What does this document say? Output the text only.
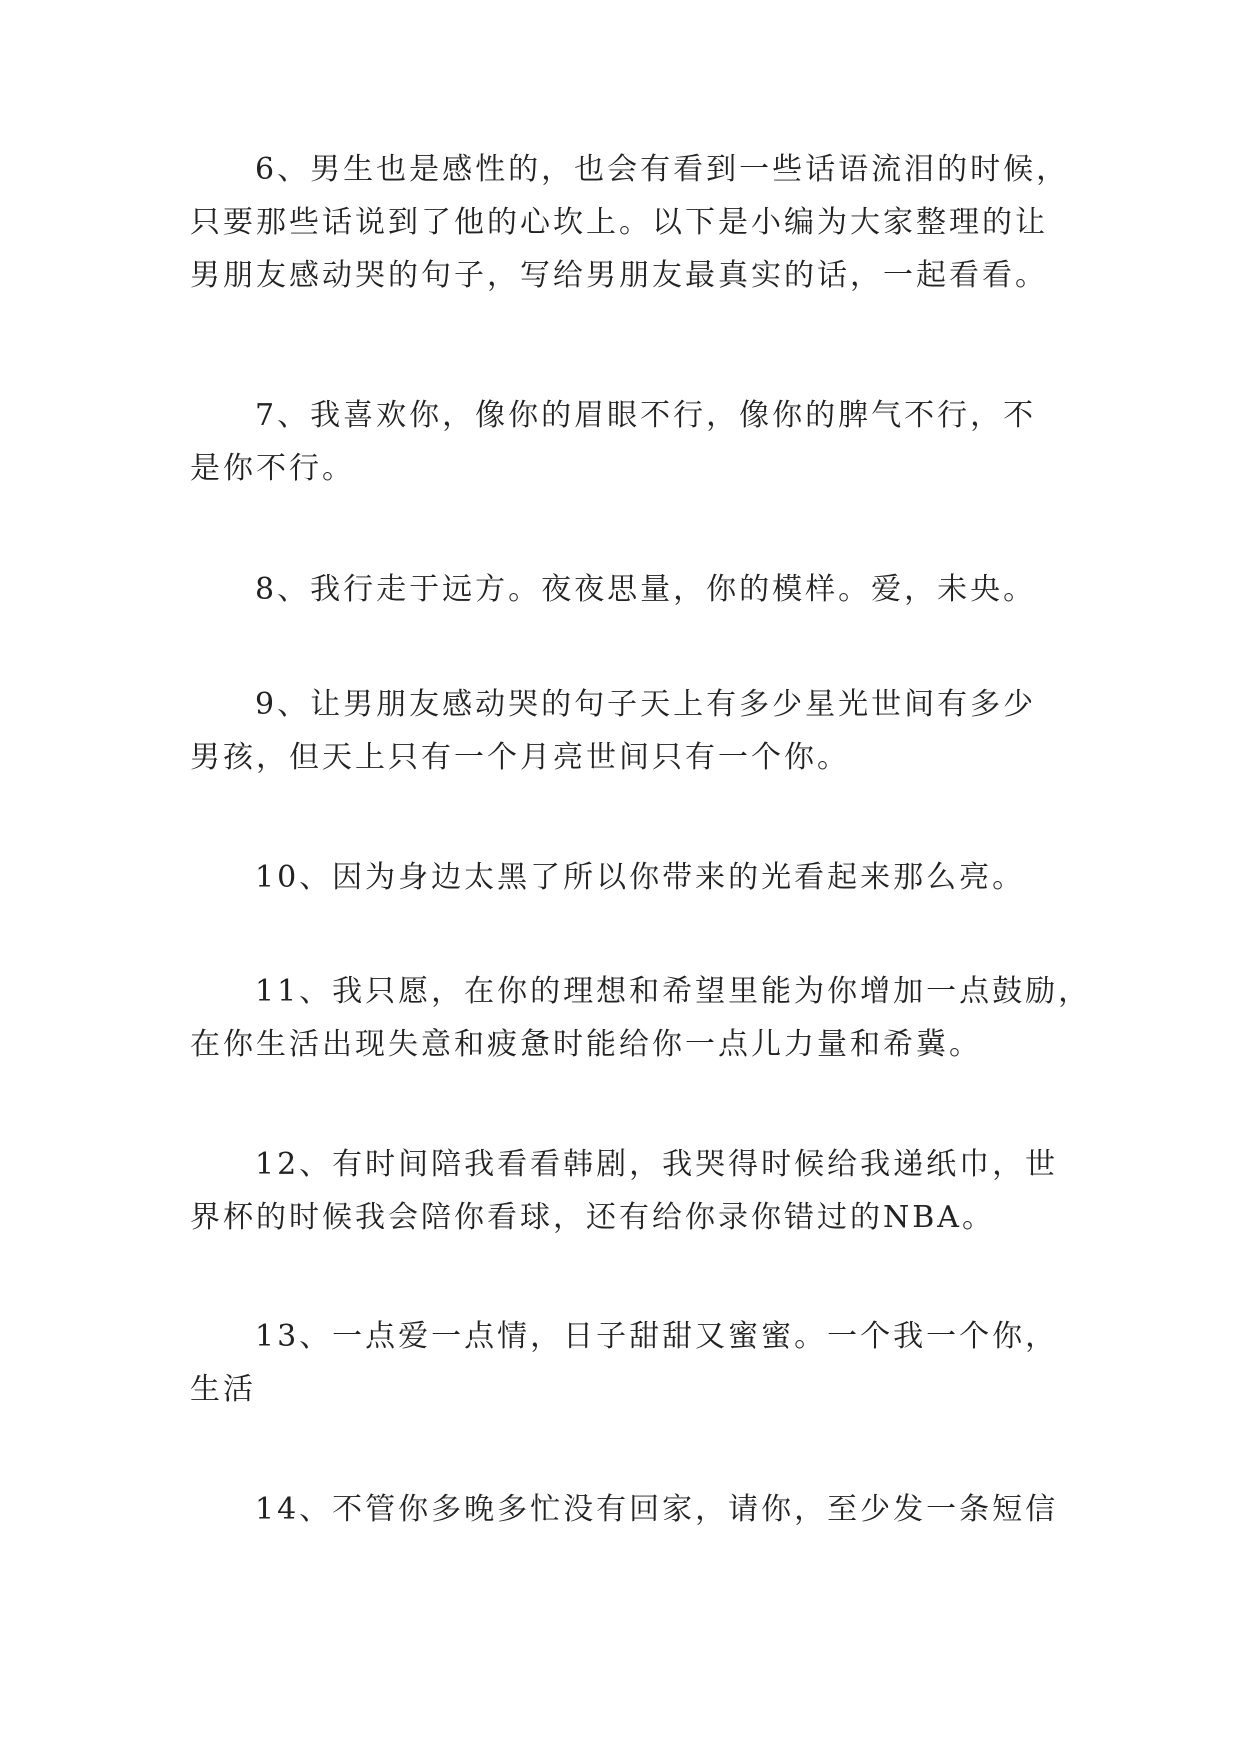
6、男生也是感性的，也会有看到一些话语流泪的时候，
只要那些话说到了他的心坎上。以下是小编为大家整理的让
男朋友感动哭的句子，写给男朋友最真实的话，一起看看。
7、我喜欢你，像你的眉眼不行，像你的脾气不行，不
是你不行。
8、我行走于远方。夜夜思量，你的模样。爱，未央。
9、让男朋友感动哭的句子天上有多少星光世间有多少
男孩，但天上只有一个月亮世间只有一个你。
10、因为身边太黑了所以你带来的光看起来那么亮。
11、我只愿，在你的理想和希望里能为你增加一点鼓励，
在你生活出现失意和疲惫时能给你一点儿力量和希冀。
12、有时间陪我看看韩剧，我哭得时候给我递纸巾，世
界杯的时候我会陪你看球，还有给你录你错过的NBA。
13、一点爱一点情，日子甜甜又蜜蜜。一个我一个你，
生活
14、不管你多晚多忙没有回家，请你，至少发一条短信
